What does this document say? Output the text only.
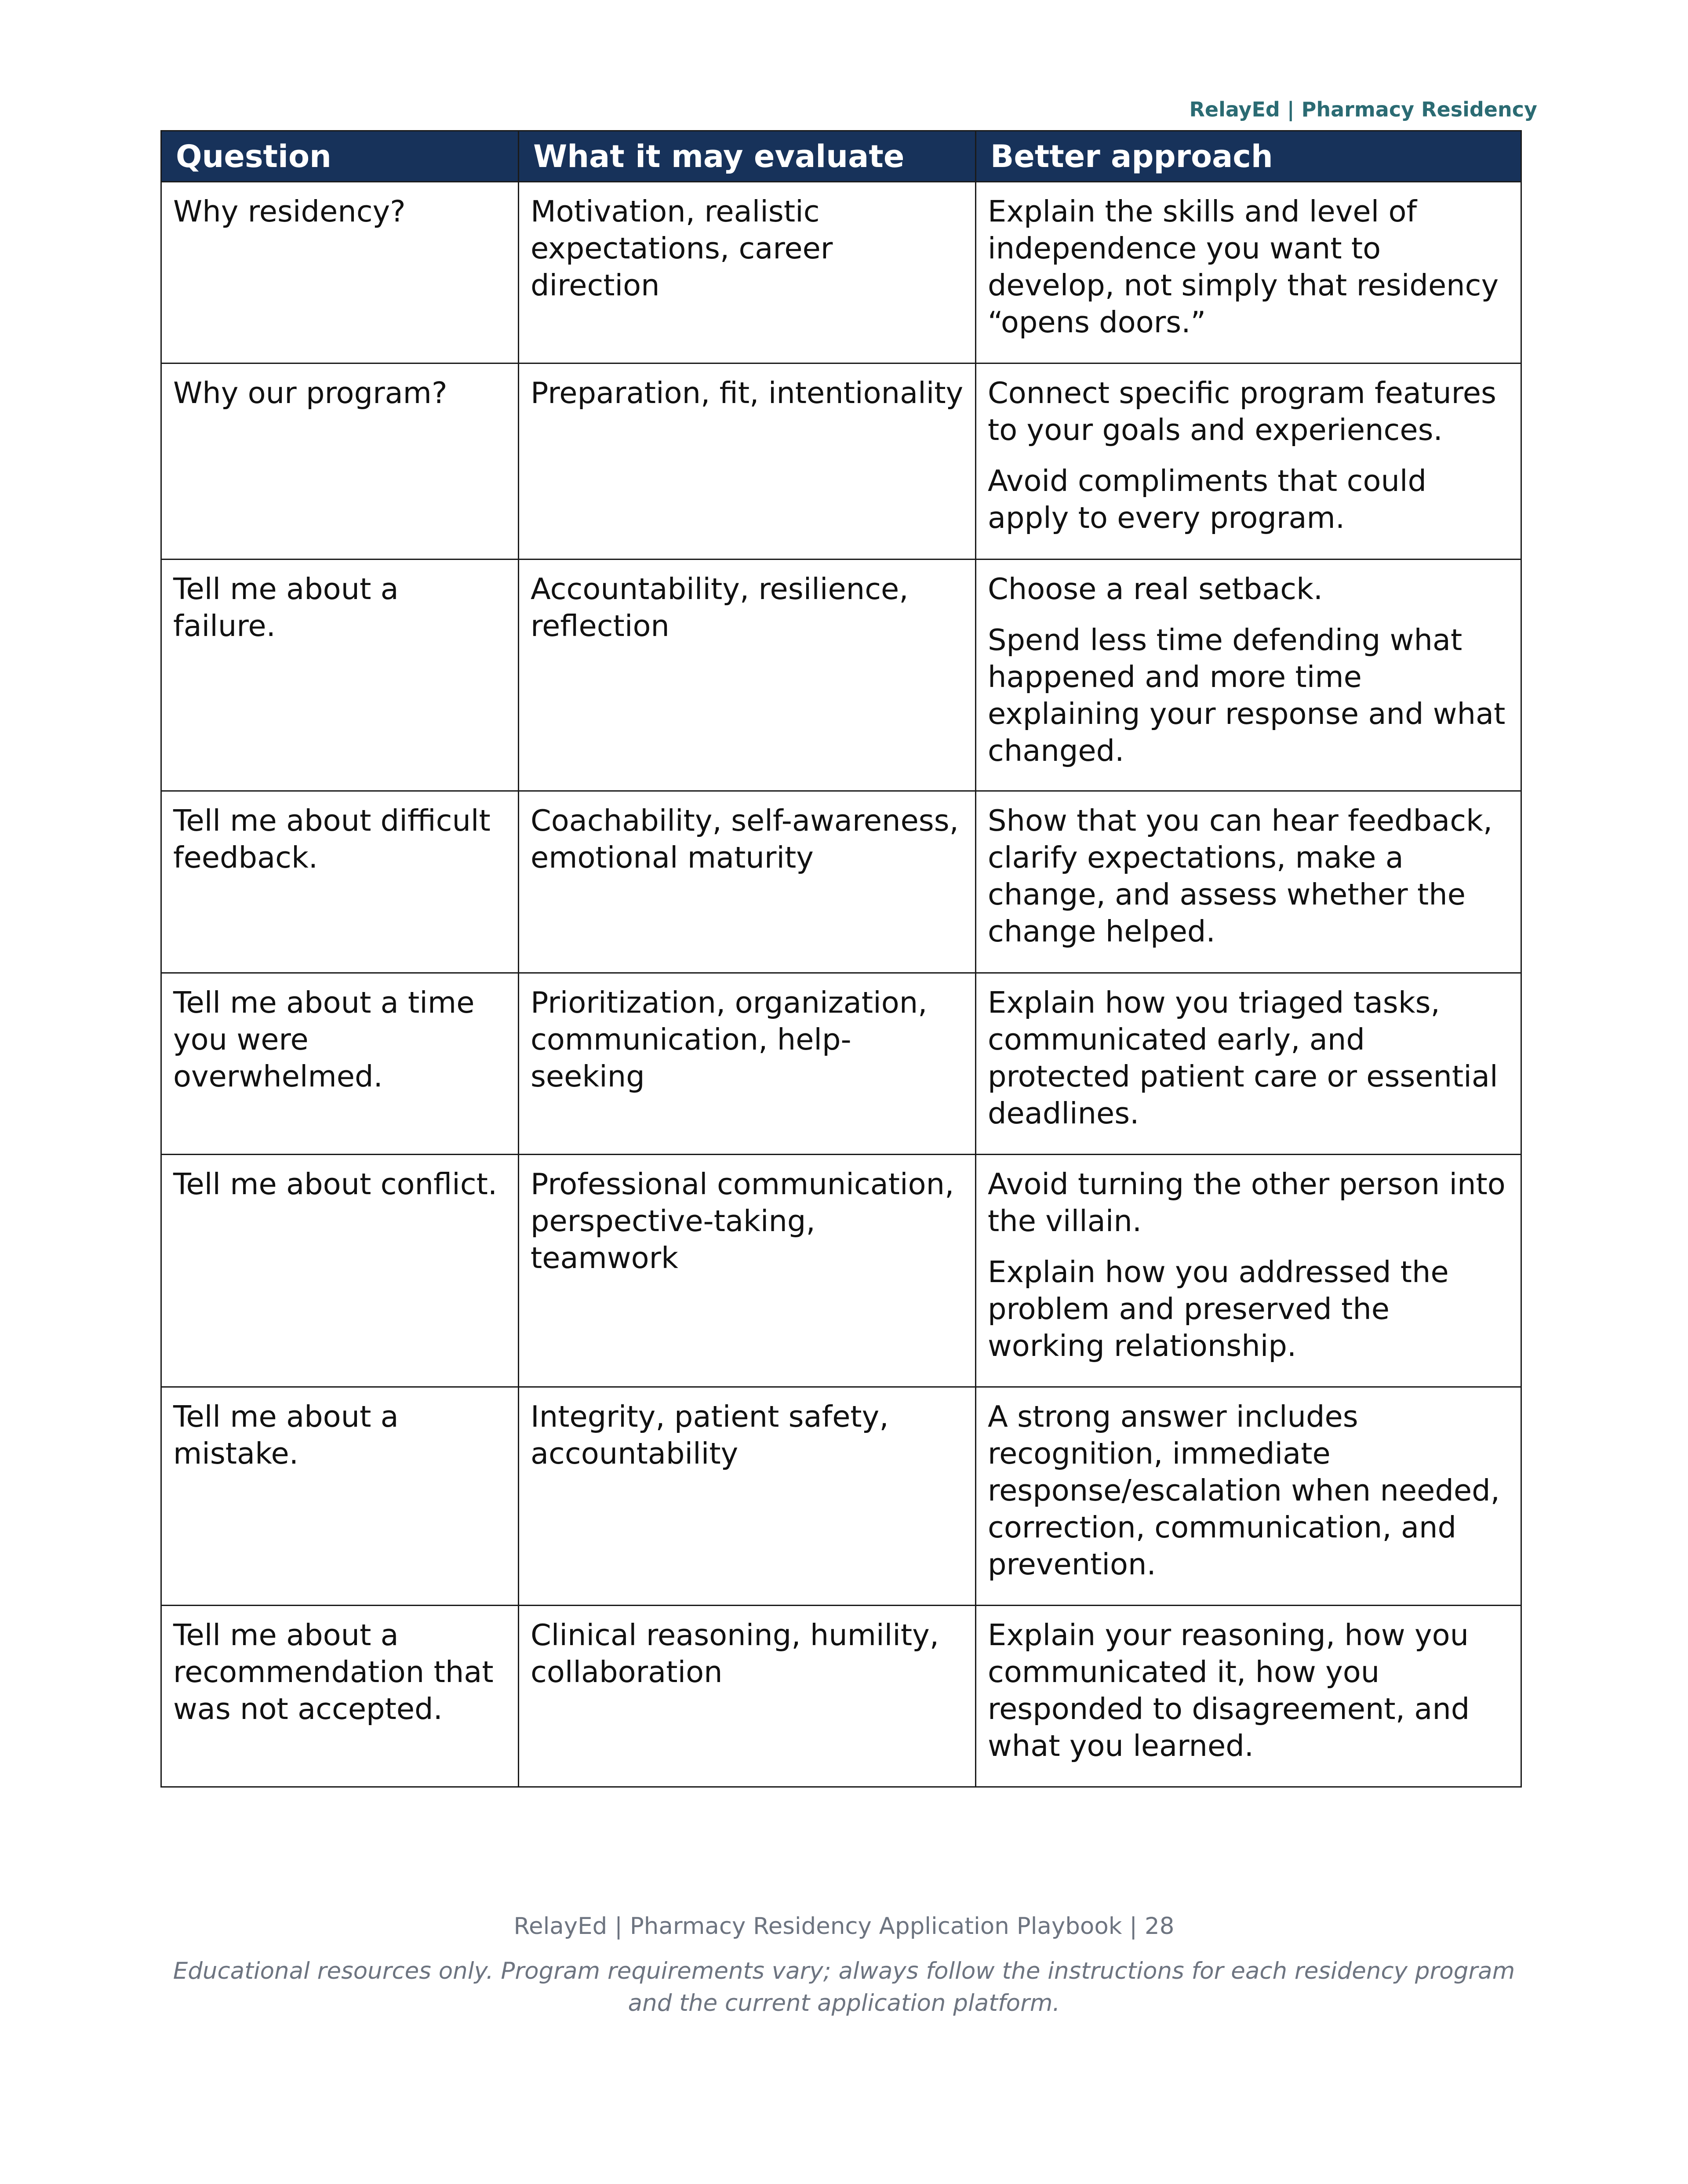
RelayEd | Pharmacy Residency
Question	What it may evaluate	Better approach
Why residency?	Motivation, realistic expectations, career direction	Explain the skills and level of independence you want to develop, not simply that residency “opens doors.”

Why our program?	Preparation, fit, intentionality	Connect specific program features to your goals and experiences.

Avoid compliments that could apply to every program.

Tell me about a failure.	Accountability, resilience, reflection	Choose a real setback.

Spend less time defending what happened and more time explaining your response and what changed.

Tell me about difficult feedback.	Coachability, self-awareness, emotional maturity	Show that you can hear feedback, clarify expectations, make a change, and assess whether the change helped.

Tell me about a time you were overwhelmed.	Prioritization, organization, communication, help-seeking	Explain how you triaged tasks, communicated early, and protected patient care or essential deadlines.

Tell me about conflict.	Professional communication, perspective-taking, teamwork	Avoid turning the other person into the villain.

Explain how you addressed the problem and preserved the working relationship.

Tell me about a mistake.	Integrity, patient safety, accountability	A strong answer includes recognition, immediate response/escalation when needed, correction, communication, and prevention.

Tell me about a recommendation that was not accepted.	Clinical reasoning, humility, collaboration	Explain your reasoning, how you communicated it, how you responded to disagreement, and what you learned.

RelayEd | Pharmacy Residency Application Playbook | 28
Educational resources only. Program requirements vary; always follow the instructions for each residency program and the current application platform.
